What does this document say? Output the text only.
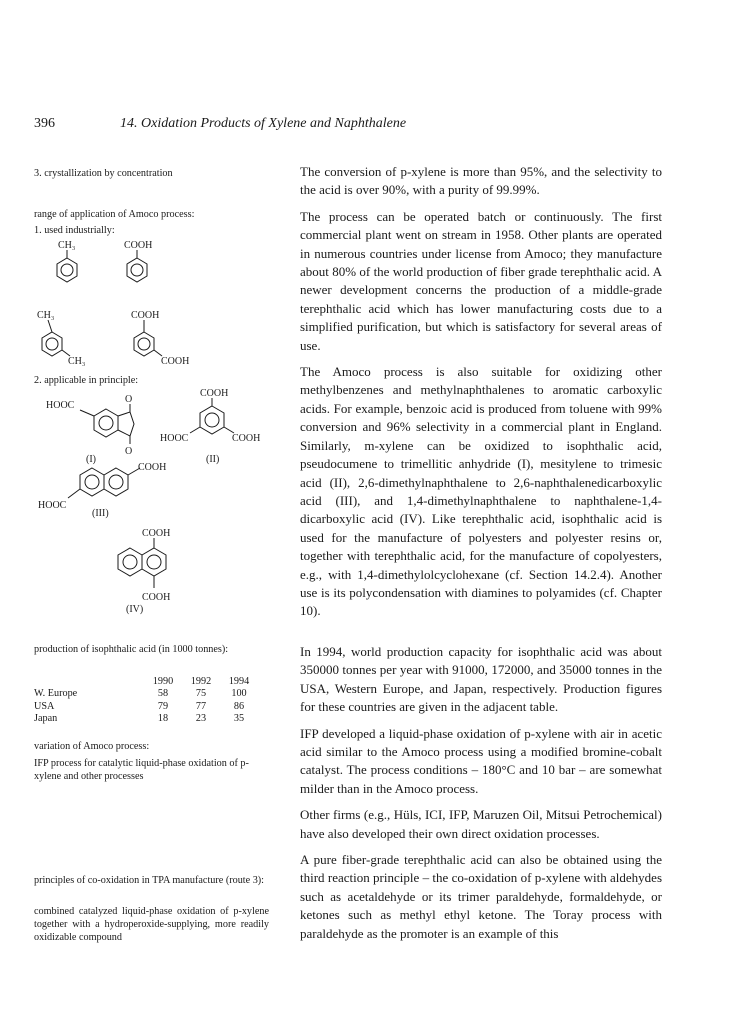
396	14. Oxidation Products of Xylene and Naphthalene
3. crystallization by concentration
range of application of Amoco process:
1. used industrially:
CH₃	COOH
CH₃
CH₃
COOH
COOH
HOOC
O
O
COOH
HOOC	COOH
(I)	(II)
COOH
HOOC
(III)
COOH
COOH
(IV)
2. applicable in principle:
production of isophthalic acid (in 1000 tonnes):
	1990	1992	1994
W. Europe	58	75	100
USA	79	77	86
Japan	18	23	35
variation of Amoco process:
IFP process for catalytic liquid-phase oxidation of p-xylene and other processes
principles of co-oxidation in TPA manufacture (route 3):
combined catalyzed liquid-phase oxidation of p-xylene together with a hydroperoxide-supplying, more readily oxidizable compound

The conversion of p-xylene is more than 95%, and the selectivity to the acid is over 90%, with a purity of 99.99%.

The process can be operated batch or continuously. The first commercial plant went on stream in 1958. Other plants are operated in numerous countries under license from Amoco; they manufacture about 80% of the world production of fiber grade terephthalic acid. A newer development concerns the production of a middle-grade terephthalic acid which has lower manufacturing costs due to a simplified purification, but which is satisfactory for several areas of use.

The Amoco process is also suitable for oxidizing other methylbenzenes and methylnaphthalenes to aromatic carboxylic acids. For example, benzoic acid is produced from toluene with 99% conversion and 96% selectivity in a commercial plant in England. Similarly, m-xylene can be oxidized to isophthalic acid, pseudocumene to trimellitic anhydride (I), mesitylene to trimesic acid (II), 2,6-dimethylnaphthalene to 2,6-naphthalenedicarboxylic acid (III), and 1,4-dimethylnaphthalene to naphthalene-1,4-dicarboxylic acid (IV). Like terephthalic acid, isophthalic acid is used for the manufacture of polyesters and polyester resins or, together with terephthalic acid, for the manufacture of copolyesters, e.g., with 1,4-dimethylolcyclohexane (cf. Section 14.2.4). Another use is its polycondensation with diamines to polyamides (cf. Chapter 10).

In 1994, world production capacity for isophthalic acid was about 350000 tonnes per year with 91000, 172000, and 35000 tonnes in the USA, Western Europe, and Japan, respectively. Production figures for these countries are given in the adjacent table.

IFP developed a liquid-phase oxidation of p-xylene with air in acetic acid similar to the Amoco process using a modified bromine-cobalt catalyst. The process conditions – 180°C and 10 bar – are somewhat milder than in the Amoco process.

Other firms (e.g., Hüls, ICI, IFP, Maruzen Oil, Mitsui Petrochemical) have also developed their own direct oxidation processes.

A pure fiber-grade terephthalic acid can also be obtained using the third reaction principle – the co-oxidation of p-xylene with aldehydes such as acetaldehyde or its trimer paraldehyde, formaldehyde, or ketones such as methyl ethyl ketone. The Toray process with paraldehyde as the promoter is an example of this
